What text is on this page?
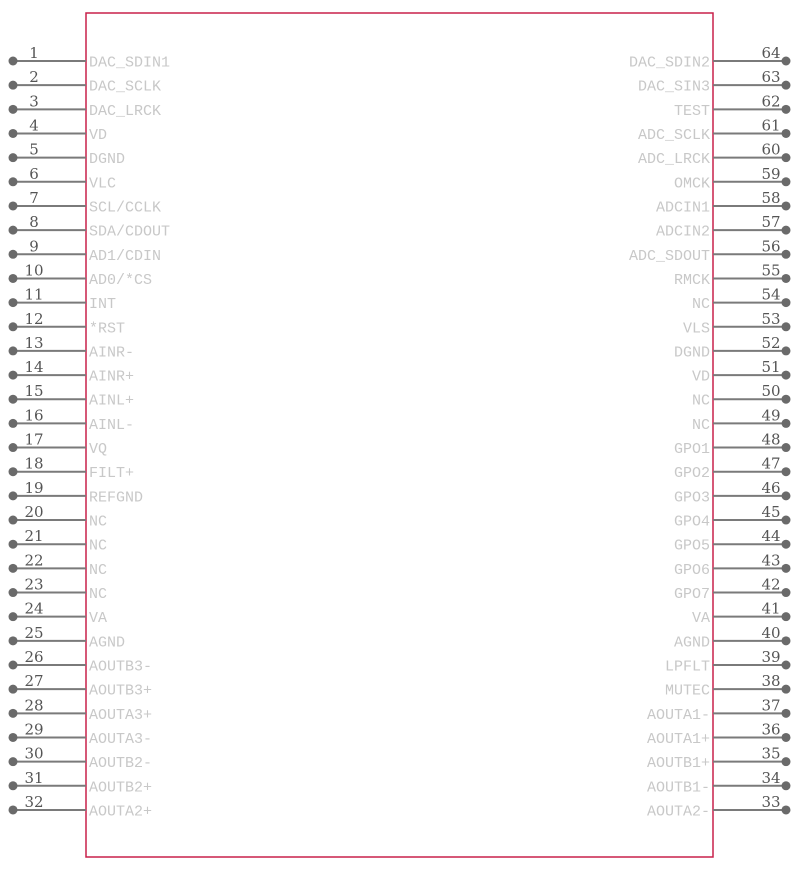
1
DAC_SDIN1
2
DAC_SCLK
3
DAC_LRCK
4
VD
5
DGND
6
VLC
7
SCL/CCLK
8
SDA/CDOUT
9
AD1/CDIN
10
AD0/*CS
11
INT
12
*RST
13
AINR-
14
AINR+
15
AINL+
16
AINL-
17
VQ
18
FILT+
19
REFGND
20
NC
21
NC
22
NC
23
NC
24
VA
25
AGND
26
AOUTB3-
27
AOUTB3+
28
AOUTA3+
29
AOUTA3-
30
AOUTB2-
31
AOUTB2+
32
AOUTA2+
64
DAC_SDIN2
63
DAC_SIN3
62
TEST
61
ADC_SCLK
60
ADC_LRCK
59
OMCK
58
ADCIN1
57
ADCIN2
56
ADC_SDOUT
55
RMCK
54
NC
53
VLS
52
DGND
51
VD
50
NC
49
NC
48
GPO1
47
GPO2
46
GPO3
45
GPO4
44
GPO5
43
GPO6
42
GPO7
41
VA
40
AGND
39
LPFLT
38
MUTEC
37
AOUTA1-
36
AOUTA1+
35
AOUTB1+
34
AOUTB1-
33
AOUTA2-
